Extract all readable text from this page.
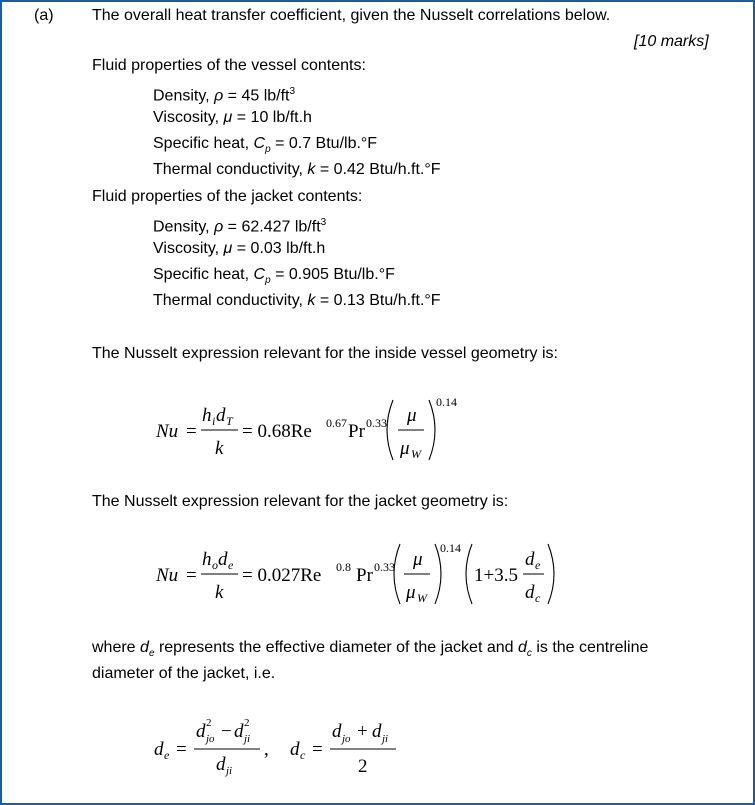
(a) The overall heat transfer coefficient, given the Nusselt correlations below.
[10 marks]
Fluid properties of the vessel contents:
Density, ρ = 45 $lb/ft^3$
Viscosity, μ = 10 lb/ft.h
Specific heat, $C_p = 0.7$ Btu/lb.°F
Thermal conductivity, k = 0.42 Btu/h.ft.°F
Fluid properties of the jacket contents:
Density, ρ = 62.427 $lb/ft^3$
Viscosity, μ = 0.03 lb/ft.h
Specific heat, $C_p = 0.905$ Btu/lb.°F
Thermal conductivity, k = 0.13 Btu/h.ft.°F
The Nusselt expression relevant for the inside vessel geometry is:
Nu =
h i d T
k
= 0.68Re 0.67 Pr 0.33 μ
μ W
0.14
The Nusselt expression relevant for the jacket geometry is:
Nu =
h o d e
k
= 0.027Re 0.8 Pr 0.33 μ
μ W
0.14
1+3.5
d e
d c
where $d_e$ represents the effective diameter of the jacket and $d_c$ is the centreline
diameter of the jacket, i.e.
d e =
d 2
jo − d 2
ji
d ji
, d c =
d jo + d ji
2
